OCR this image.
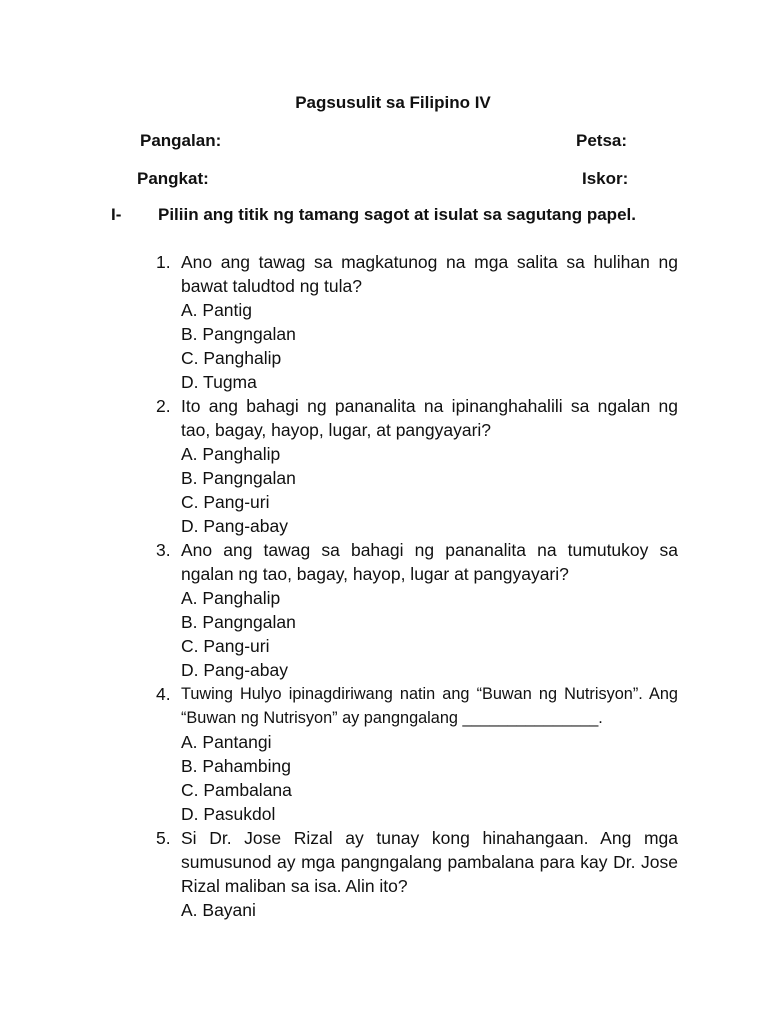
Pagsusulit sa Filipino IV
Pangalan:	Petsa:
Pangkat:	Iskor:
I- Piliin ang titik ng tamang sagot at isulat sa sagutang papel.
1. Ano ang tawag sa magkatunog na mga salita sa hulihan ng bawat taludtod ng tula?
A. Pantig
B. Pangngalan
C. Panghalip
D. Tugma
2. Ito ang bahagi ng pananalita na ipinanghahalili sa ngalan ng tao, bagay, hayop, lugar, at pangyayari?
A. Panghalip
B. Pangngalan
C. Pang-uri
D. Pang-abay
3. Ano ang tawag sa bahagi ng pananalita na tumutukoy sa ngalan ng tao, bagay, hayop, lugar at pangyayari?
A. Panghalip
B. Pangngalan
C. Pang-uri
D. Pang-abay
4. Tuwing Hulyo ipinagdiriwang natin ang “Buwan ng Nutrisyon”. Ang “Buwan ng Nutrisyon” ay pangngalang _______________.
A. Pantangi
B. Pahambing
C. Pambalana
D. Pasukdol
5. Si Dr. Jose Rizal ay tunay kong hinahangaan. Ang mga sumusunod ay mga pangngalang pambalana para kay Dr. Jose Rizal maliban sa isa. Alin ito?
A. Bayani
